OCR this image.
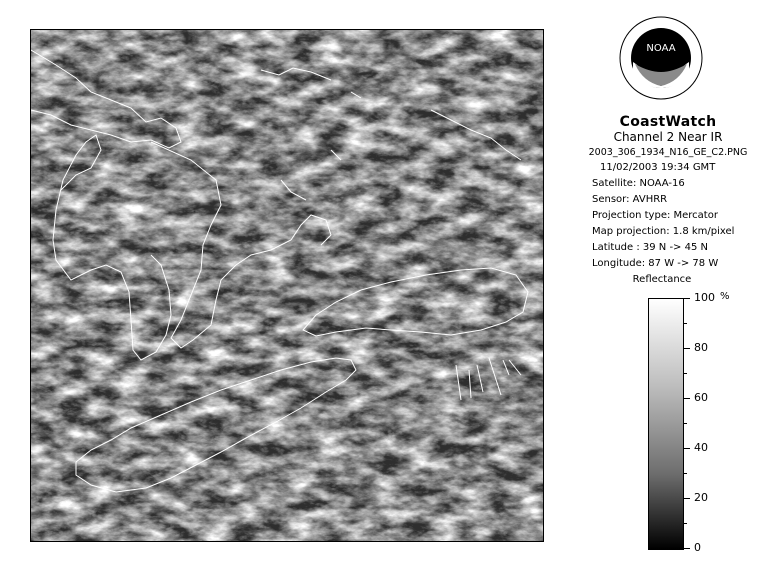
NOAA
CoastWatch
Channel 2 Near IR
2003_306_1934_N16_GE_C2.PNG
11/02/2003 19:34 GMT
Satellite: NOAA-16
Sensor: AVHRR
Projection type: Mercator
Map projection: 1.8 km/pixel
Latitude : 39 N -> 45 N
Longitude: 87 W -> 78 W
Reflectance
%
100
80
60
40
20
0
